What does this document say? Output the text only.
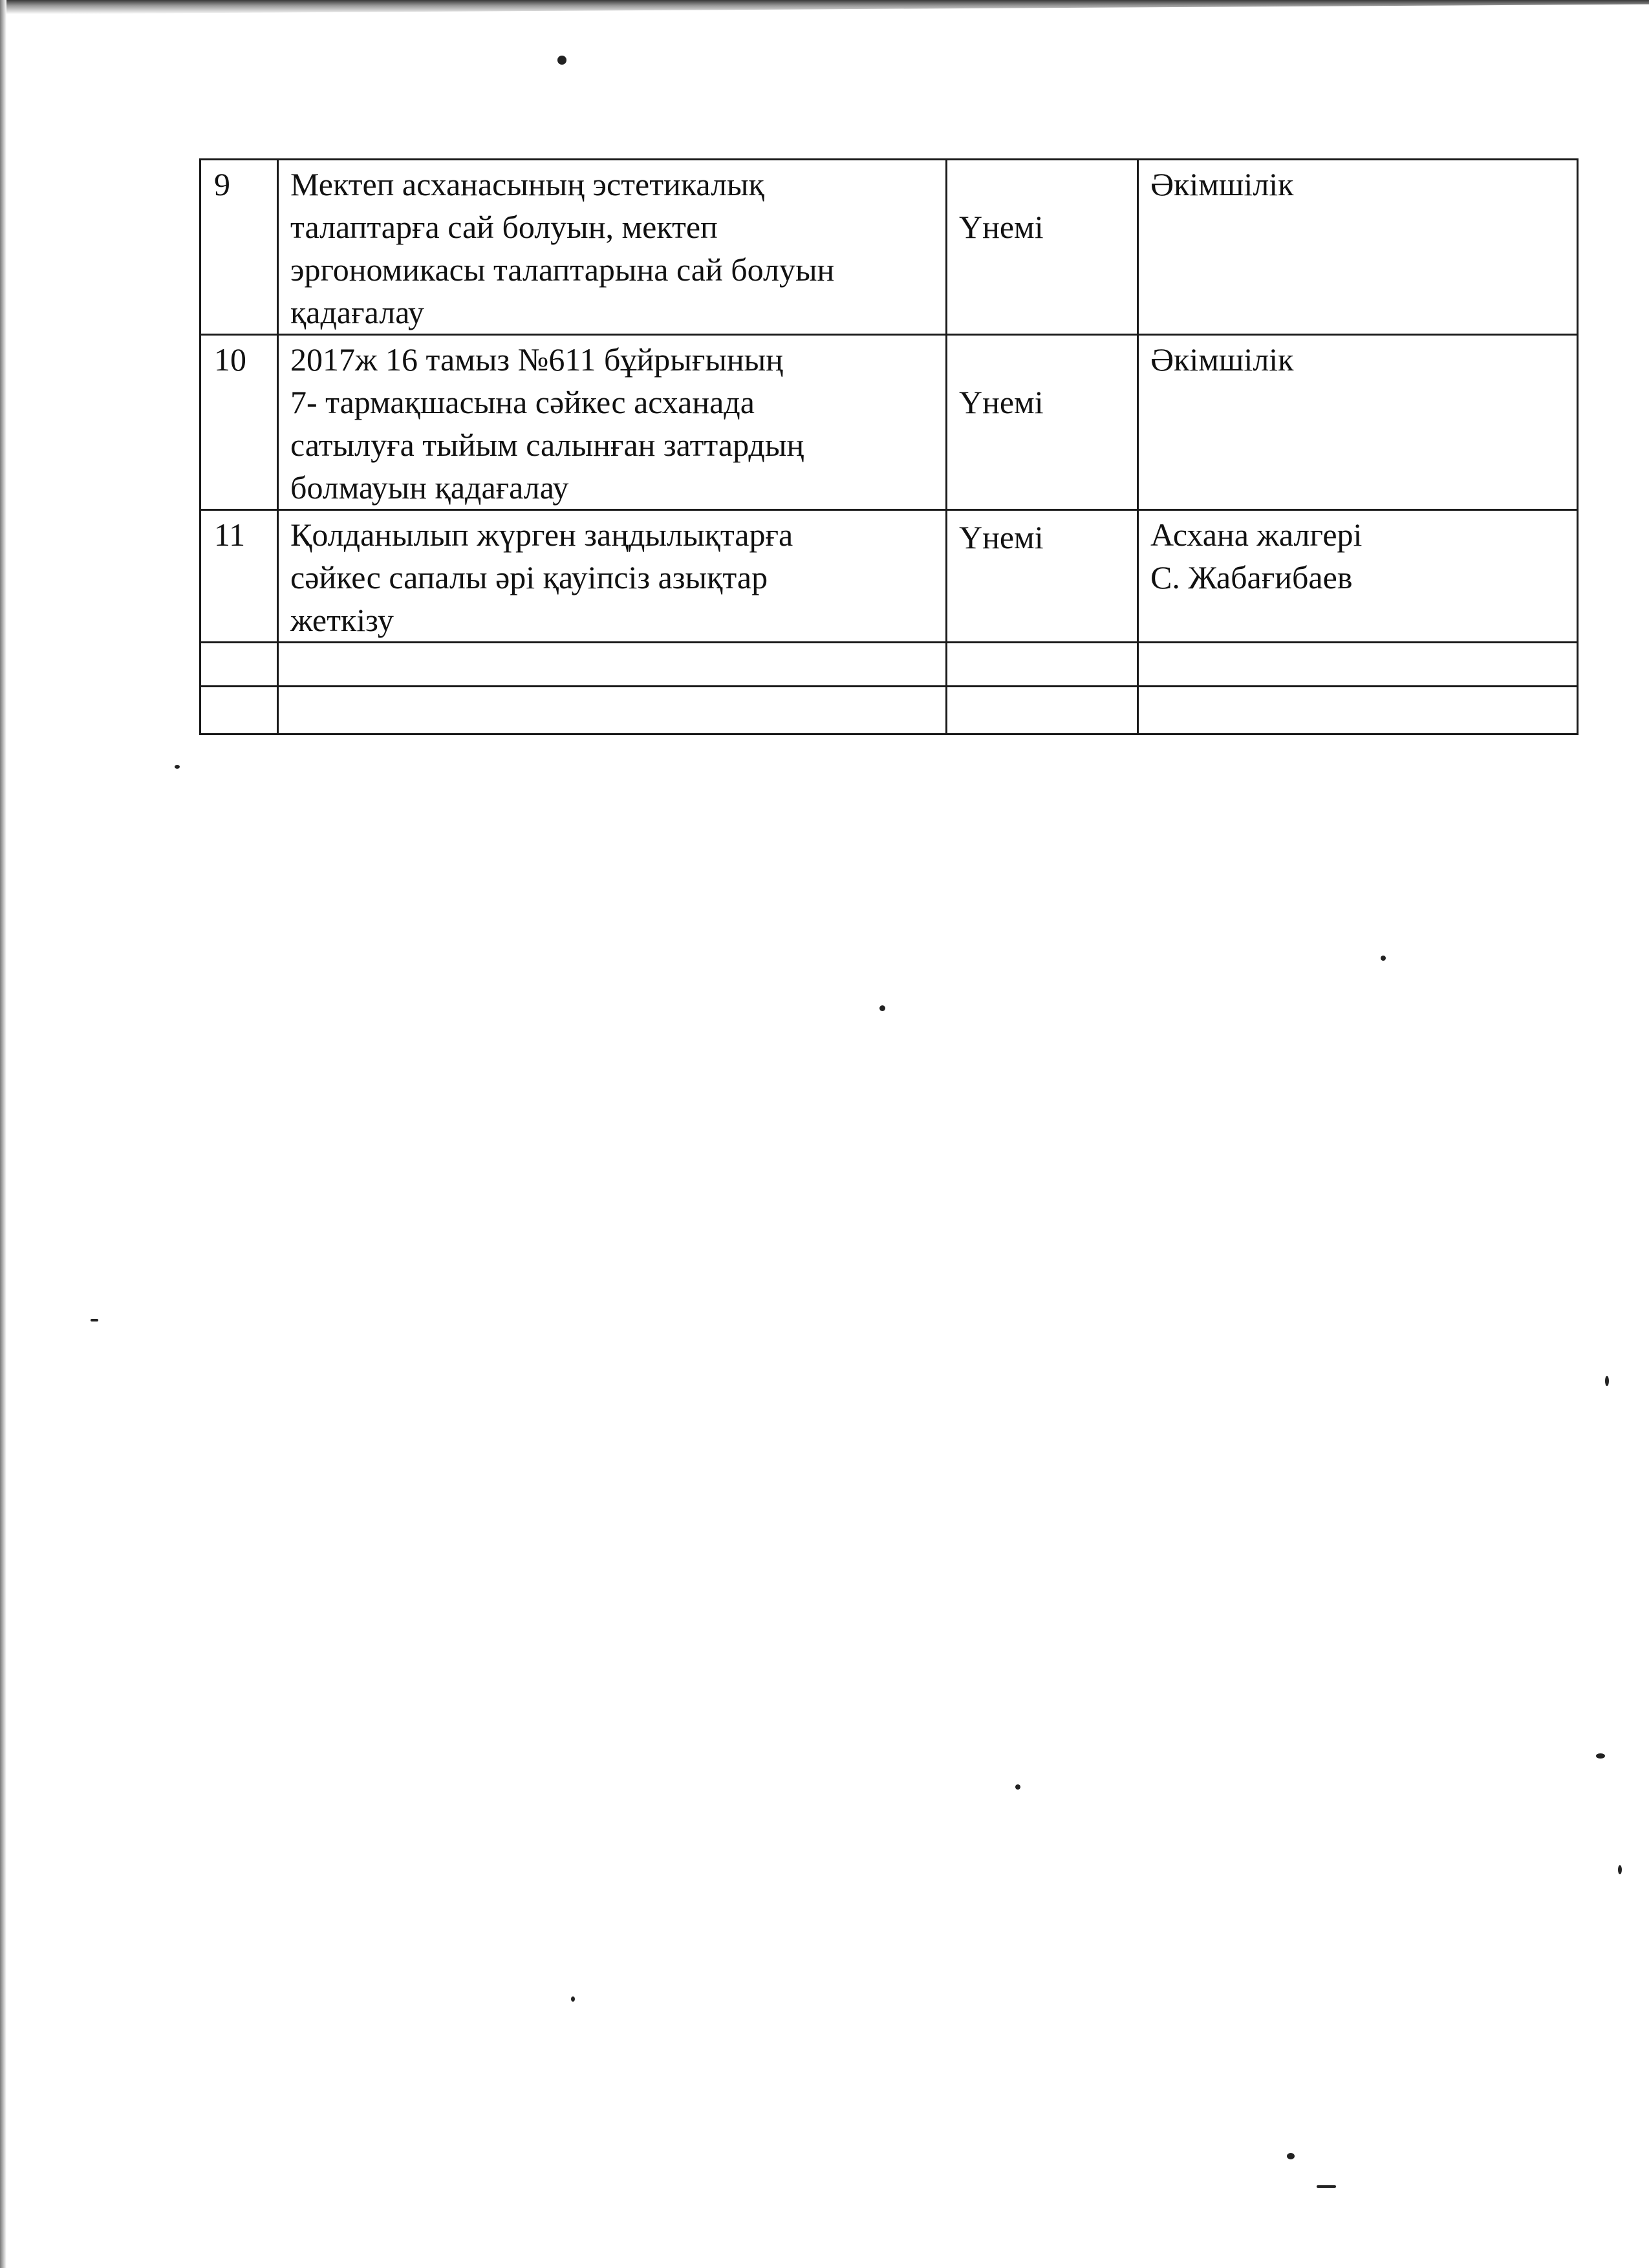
9	Мектеп асханасының эстетикалық
талаптарға сай болуын, мектеп
эргономикасы талаптарына сай болуын
қадағалау	Үнемі	Әкімшілік
10	2017ж 16 тамыз №611 бұйрығының
7- тармақшасына сәйкес асханада
сатылуға тыйым салынған заттардың
болмауын қадағалау	Үнемі	Әкімшілік
11	Қолданылып жүрген заңдылықтарға
сәйкес сапалы әрі қауіпсіз азықтар
жеткізу	Үнемі	Асхана жалгері
С. Жабағибаев
